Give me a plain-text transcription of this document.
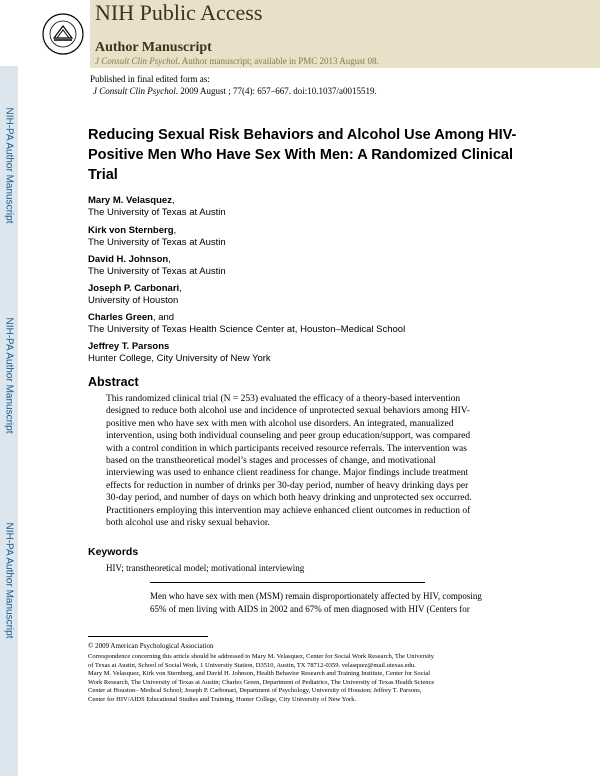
NIH Public Access
Author Manuscript
J Consult Clin Psychol. Author manuscript; available in PMC 2013 August 08.
NIH-PA Author Manuscript
NIH-PA Author Manuscript
NIH-PA Author Manuscript
Published in final edited form as:
J Consult Clin Psychol. 2009 August ; 77(4): 657–667. doi:10.1037/a0015519.
Reducing Sexual Risk Behaviors and Alcohol Use Among HIV-Positive Men Who Have Sex With Men: A Randomized Clinical Trial
Mary M. Velasquez,
The University of Texas at Austin
Kirk von Sternberg,
The University of Texas at Austin
David H. Johnson,
The University of Texas at Austin
Joseph P. Carbonari,
University of Houston
Charles Green, and
The University of Texas Health Science Center at, Houston–Medical School
Jeffrey T. Parsons
Hunter College, City University of New York
Abstract
This randomized clinical trial (N = 253) evaluated the efficacy of a theory-based intervention
designed to reduce both alcohol use and incidence of unprotected sexual behaviors among HIV-
positive men who have sex with men with alcohol use disorders. An integrated, manualized
intervention, using both individual counseling and peer group education/support, was compared
with a control condition in which participants received resource referrals. The intervention was
based on the transtheoretical model’s stages and processes of change, and motivational
interviewing was used to enhance client readiness for change. Major findings include treatment
effects for reduction in number of drinks per 30-day period, number of heavy drinking days per
30-day period, and number of days on which both heavy drinking and unprotected sex occurred.
Practitioners employing this intervention may achieve enhanced client outcomes in reduction of
both alcohol use and risky sexual behavior.
Keywords
HIV; transtheoretical model; motivational interviewing
Men who have sex with men (MSM) remain disproportionately affected by HIV, composing
65% of men living with AIDS in 2002 and 67% of men diagnosed with HIV (Centers for
© 2009 American Psychological Association
Correspondence concerning this article should be addressed to Mary M. Velasquez, Center for Social Work Research, The University
of Texas at Austin, School of Social Work, 1 University Station, D3510, Austin, TX 78712-0359. velasquez@mail.utexas.edu.
Mary M. Velasquez, Kirk von Sternberg, and David H. Johnson, Health Behavior Research and Training Institute, Center for Social
Work Research, The University of Texas at Austin; Charles Green, Department of Pediatrics, The University of Texas Health Science
Center at Houston– Medical School; Joseph P. Carbonari, Department of Psychology, University of Houston; Jeffrey T. Parsons,
Center for HIV/AIDS Educational Studies and Training, Hunter College, City University of New York.
